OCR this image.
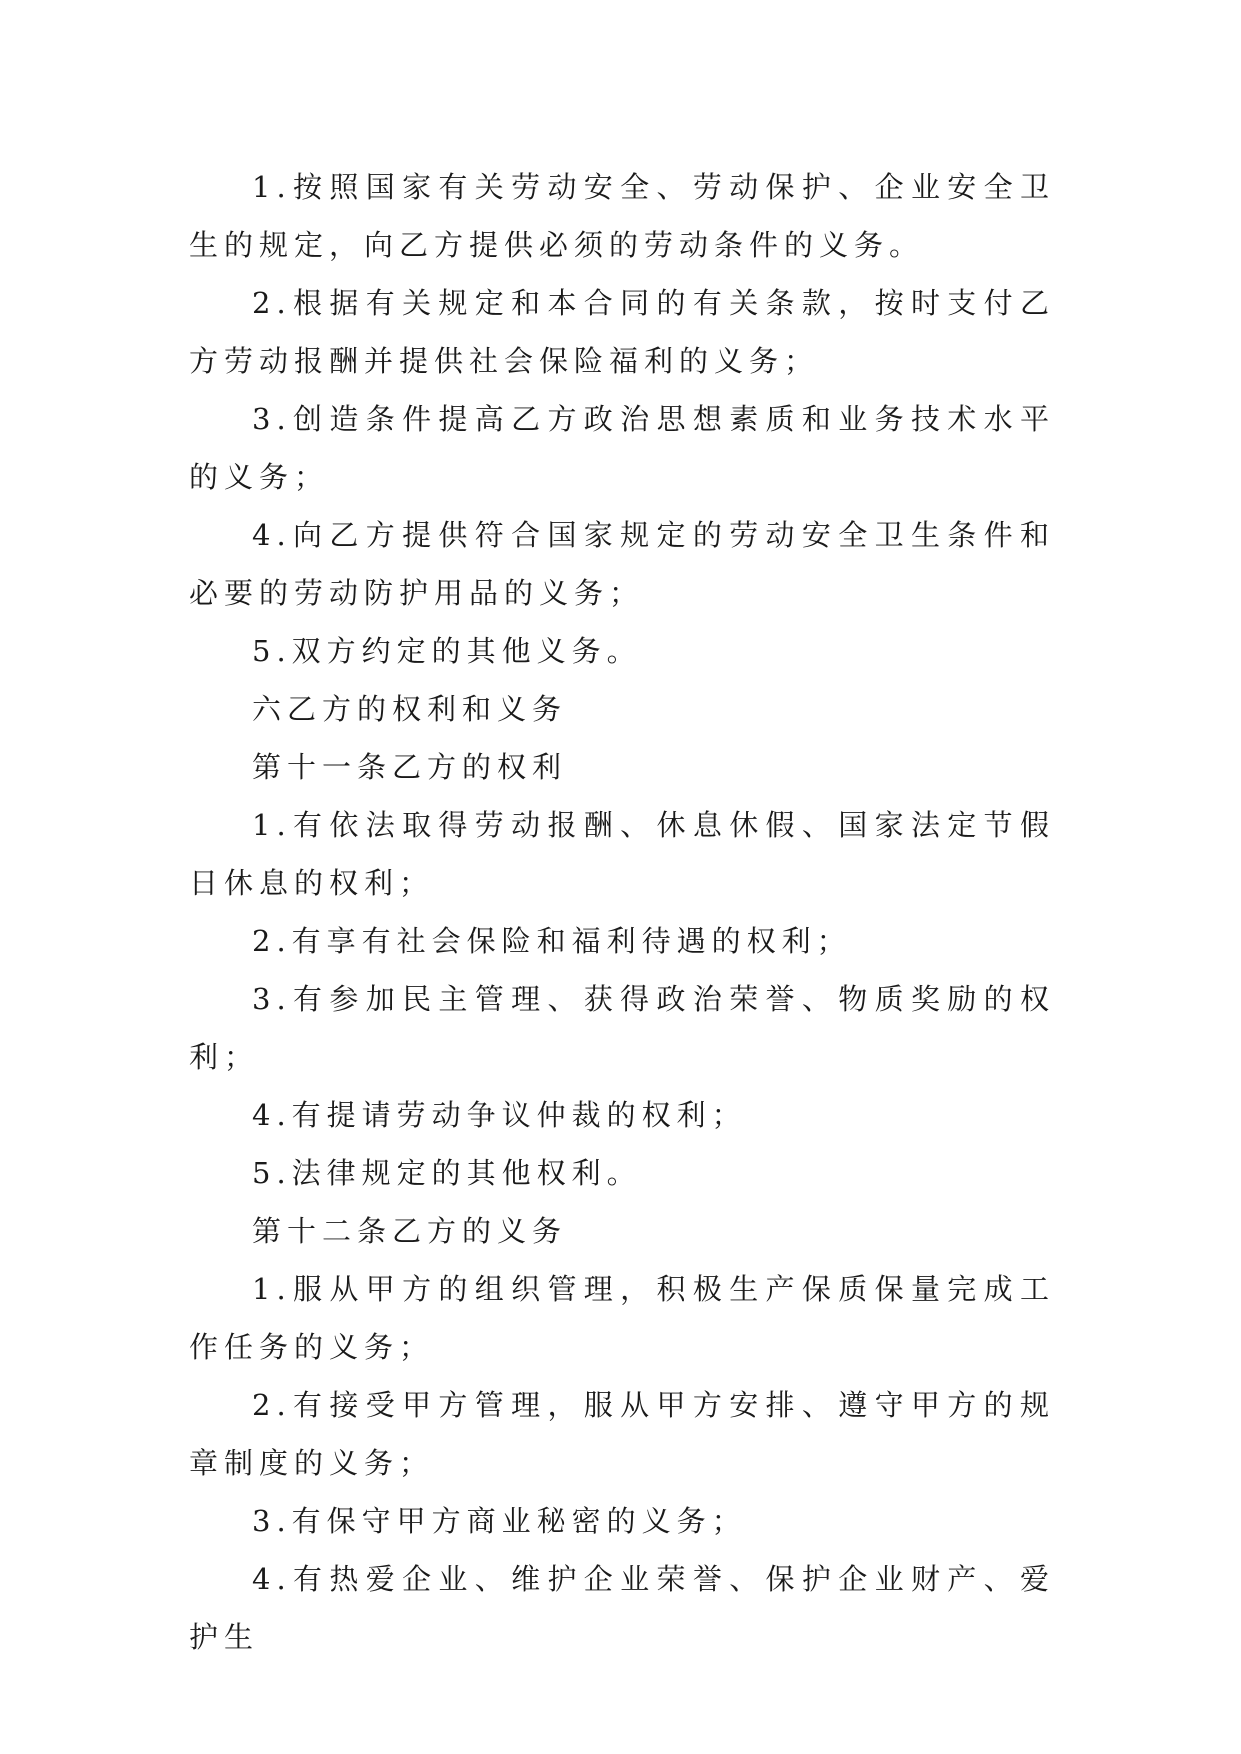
1.按照国家有关劳动安全、劳动保护、企业安全卫生的规定，向乙方提供必须的劳动条件的义务。

2.根据有关规定和本合同的有关条款，按时支付乙方劳动报酬并提供社会保险福利的义务；

3.创造条件提高乙方政治思想素质和业务技术水平的义务；

4.向乙方提供符合国家规定的劳动安全卫生条件和必要的劳动防护用品的义务；

5.双方约定的其他义务。

六乙方的权利和义务

第十一条乙方的权利

1.有依法取得劳动报酬、休息休假、国家法定节假日休息的权利；

2.有享有社会保险和福利待遇的权利；

3.有参加民主管理、获得政治荣誉、物质奖励的权利；

4.有提请劳动争议仲裁的权利；

5.法律规定的其他权利。

第十二条乙方的义务

1.服从甲方的组织管理，积极生产保质保量完成工作任务的义务；

2.有接受甲方管理，服从甲方安排、遵守甲方的规章制度的义务；

3.有保守甲方商业秘密的义务；

4.有热爱企业、维护企业荣誉、保护企业财产、爱护生
